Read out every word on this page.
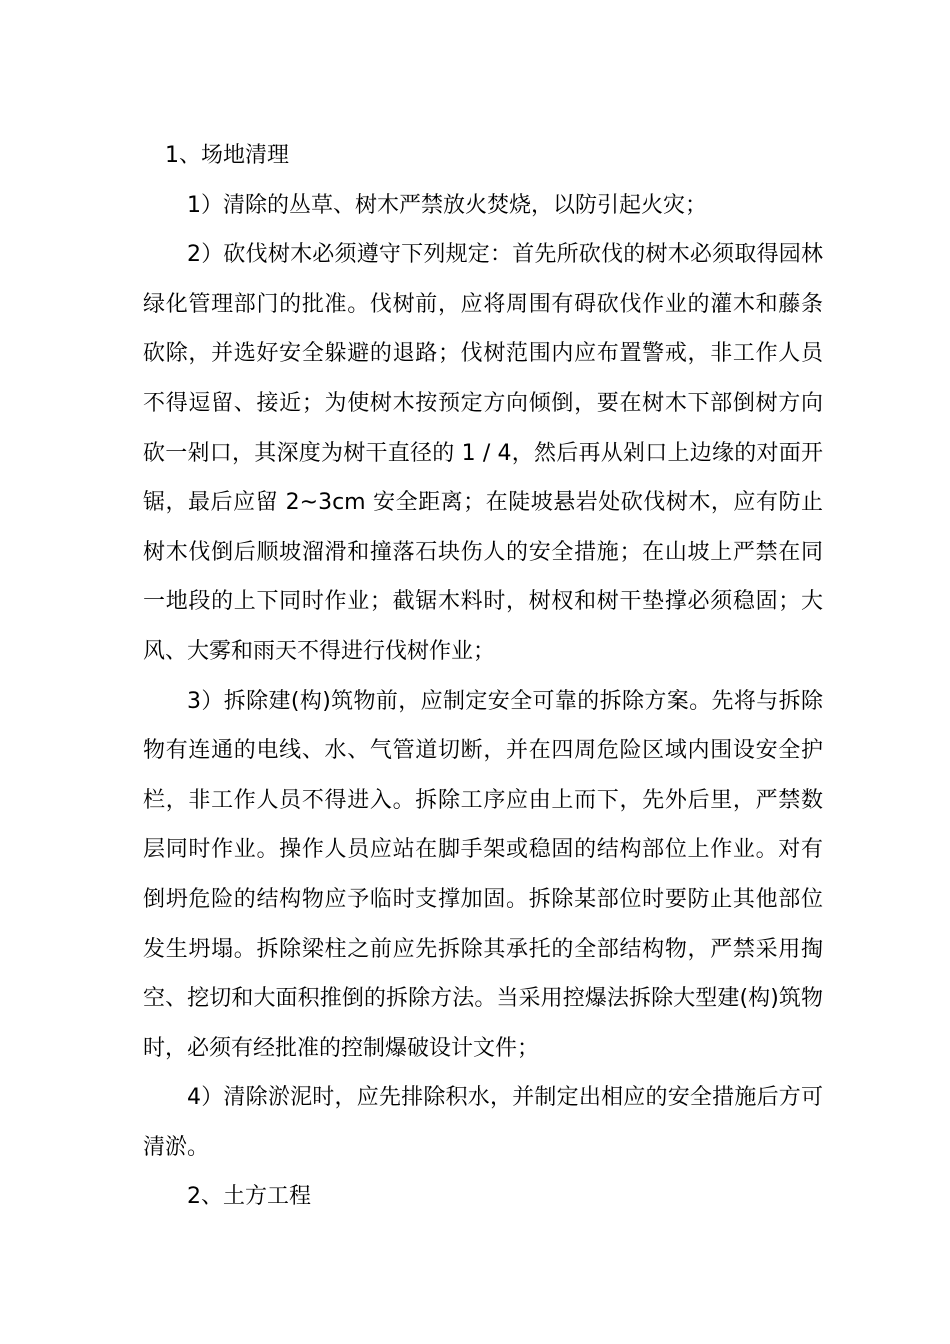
1、场地清理

1）清除的丛草、树木严禁放火焚烧，以防引起火灾；

2）砍伐树木必须遵守下列规定：首先所砍伐的树木必须取得园林绿化管理部门的批准。伐树前，应将周围有碍砍伐作业的灌木和藤条砍除，并选好安全躲避的退路；伐树范围内应布置警戒，非工作人员不得逗留、接近；为使树木按预定方向倾倒，要在树木下部倒树方向砍一剁口，其深度为树干直径的 1 / 4，然后再从剁口上边缘的对面开锯，最后应留 2~3cm 安全距离；在陡坡悬岩处砍伐树木，应有防止树木伐倒后顺坡溜滑和撞落石块伤人的安全措施；在山坡上严禁在同一地段的上下同时作业；截锯木料时，树杈和树干垫撑必须稳固；大风、大雾和雨天不得进行伐树作业；

3）拆除建(构)筑物前，应制定安全可靠的拆除方案。先将与拆除物有连通的电线、水、气管道切断，并在四周危险区域内围设安全护栏，非工作人员不得进入。拆除工序应由上而下，先外后里，严禁数层同时作业。操作人员应站在脚手架或稳固的结构部位上作业。对有倒坍危险的结构物应予临时支撑加固。拆除某部位时要防止其他部位发生坍塌。拆除梁柱之前应先拆除其承托的全部结构物，严禁采用掏空、挖切和大面积推倒的拆除方法。当采用控爆法拆除大型建(构)筑物时，必须有经批准的控制爆破设计文件；

4）清除淤泥时，应先排除积水，并制定出相应的安全措施后方可清淤。

2、土方工程
